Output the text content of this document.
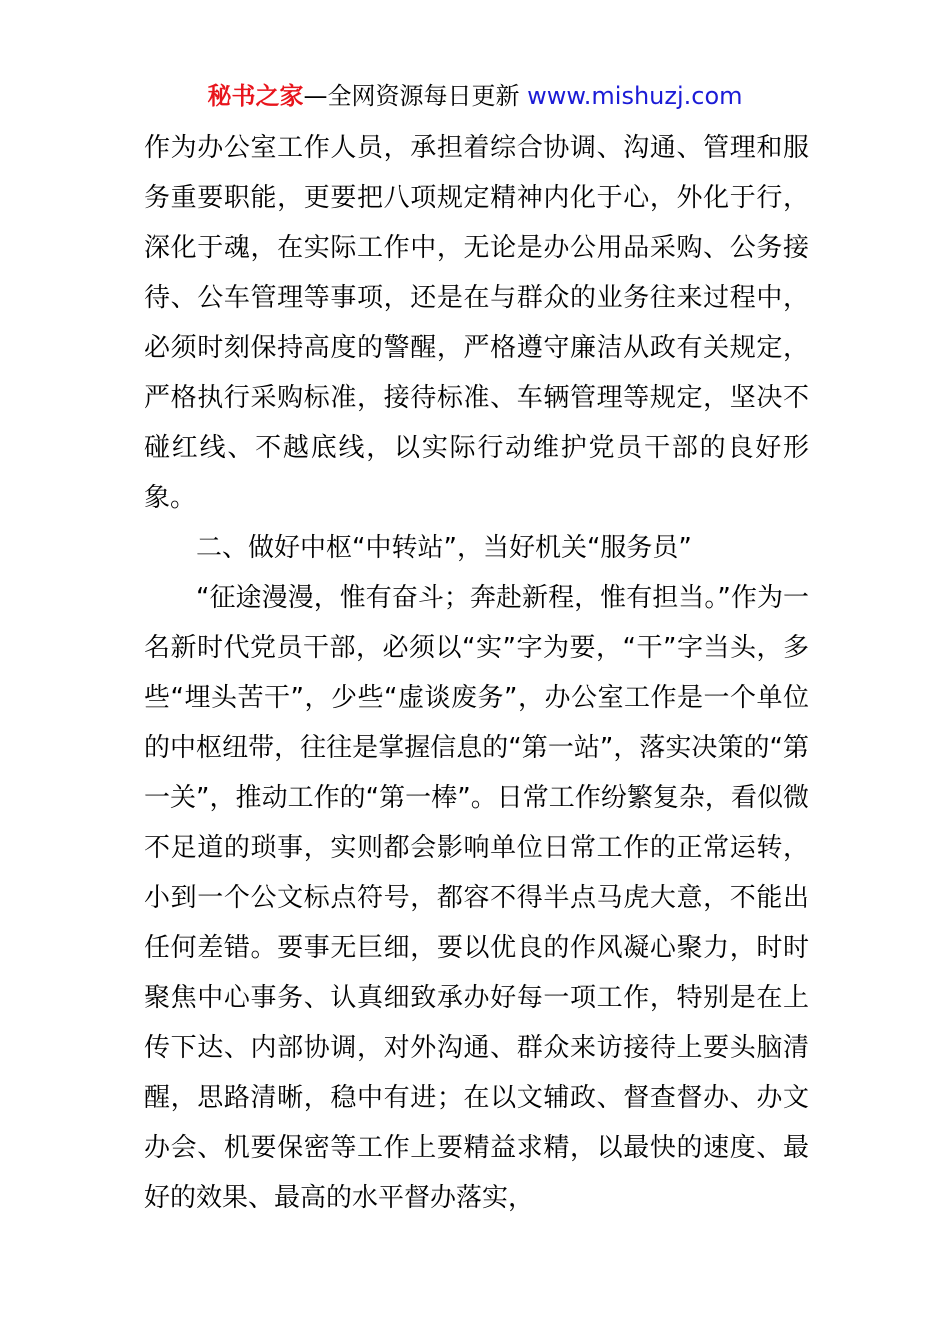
秘书之家—全网资源每日更新 www.mishuzj.com

作为办公室工作人员，承担着综合协调、沟通、管理和服务重要职能，更要把八项规定精神内化于心，外化于行，深化于魂，在实际工作中，无论是办公用品采购、公务接待、公车管理等事项，还是在与群众的业务往来过程中，必须时刻保持高度的警醒，严格遵守廉洁从政有关规定，严格执行采购标准，接待标准、车辆管理等规定，坚决不碰红线、不越底线，以实际行动维护党员干部的良好形象。

二、做好中枢“中转站”，当好机关“服务员”

“征途漫漫，惟有奋斗；奔赴新程，惟有担当。”作为一名新时代党员干部，必须以“实”字为要，“干”字当头，多些“埋头苦干”，少些“虚谈废务”，办公室工作是一个单位的中枢纽带，往往是掌握信息的“第一站”，落实决策的“第一关”，推动工作的“第一棒”。日常工作纷繁复杂，看似微不足道的琐事，实则都会影响单位日常工作的正常运转，小到一个公文标点符号，都容不得半点马虎大意，不能出任何差错。要事无巨细，要以优良的作风凝心聚力，时时聚焦中心事务、认真细致承办好每一项工作，特别是在上传下达、内部协调，对外沟通、群众来访接待上要头脑清醒，思路清晰，稳中有进；在以文辅政、督查督办、办文办会、机要保密等工作上要精益求精，以最快的速度、最好的效果、最高的水平督办落实，
